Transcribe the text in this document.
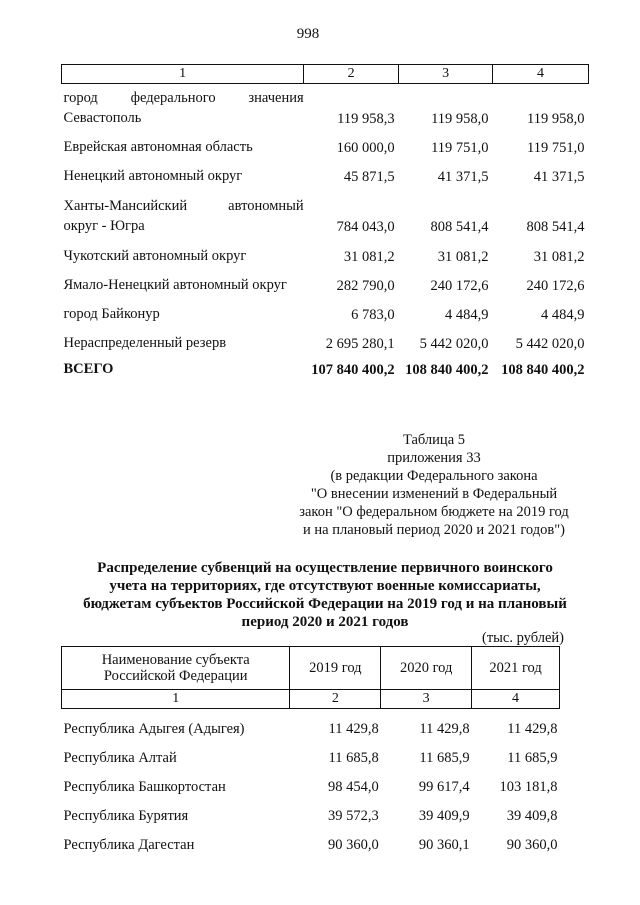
998
1	2	3	4

город федерального значения
Севастополь	119 958,3	119 958,0	119 958,0
Еврейская автономная область	160 000,0	119 751,0	119 751,0
Ненецкий автономный округ	45 871,5	41 371,5	41 371,5

Ханты-Мансийский автономный
округ - Югра	784 043,0	808 541,4	808 541,4
Чукотский автономный округ	31 081,2	31 081,2	31 081,2
Ямало-Ненецкий автономный округ	282 790,0	240 172,6	240 172,6
город Байконур	6 783,0	4 484,9	4 484,9
Нераспределенный резерв	2 695 280,1	5 442 020,0	5 442 020,0
ВСЕГО	107 840 400,2	108 840 400,2	108 840 400,2
Таблица 5
приложения 33
(в редакции Федерального закона
"О внесении изменений в Федеральный
закон "О федеральном бюджете на 2019 год
и на плановый период 2020 и 2021 годов")
Распределение субвенций на осуществление первичного воинского
учета на территориях, где отсутствуют военные комиссариаты,
бюджетам субъектов Российской Федерации на 2019 год и на плановый
период 2020 и 2021 годов
(тыс. рублей)
Наименование субъекта
Российской Федерации	2019 год	2020 год	2021 год
1	2	3	4
Республика Адыгея (Адыгея)	11 429,8	11 429,8	11 429,8
Республика Алтай	11 685,8	11 685,9	11 685,9
Республика Башкортостан	98 454,0	99 617,4	103 181,8
Республика Бурятия	39 572,3	39 409,9	39 409,8
Республика Дагестан	90 360,0	90 360,1	90 360,0
